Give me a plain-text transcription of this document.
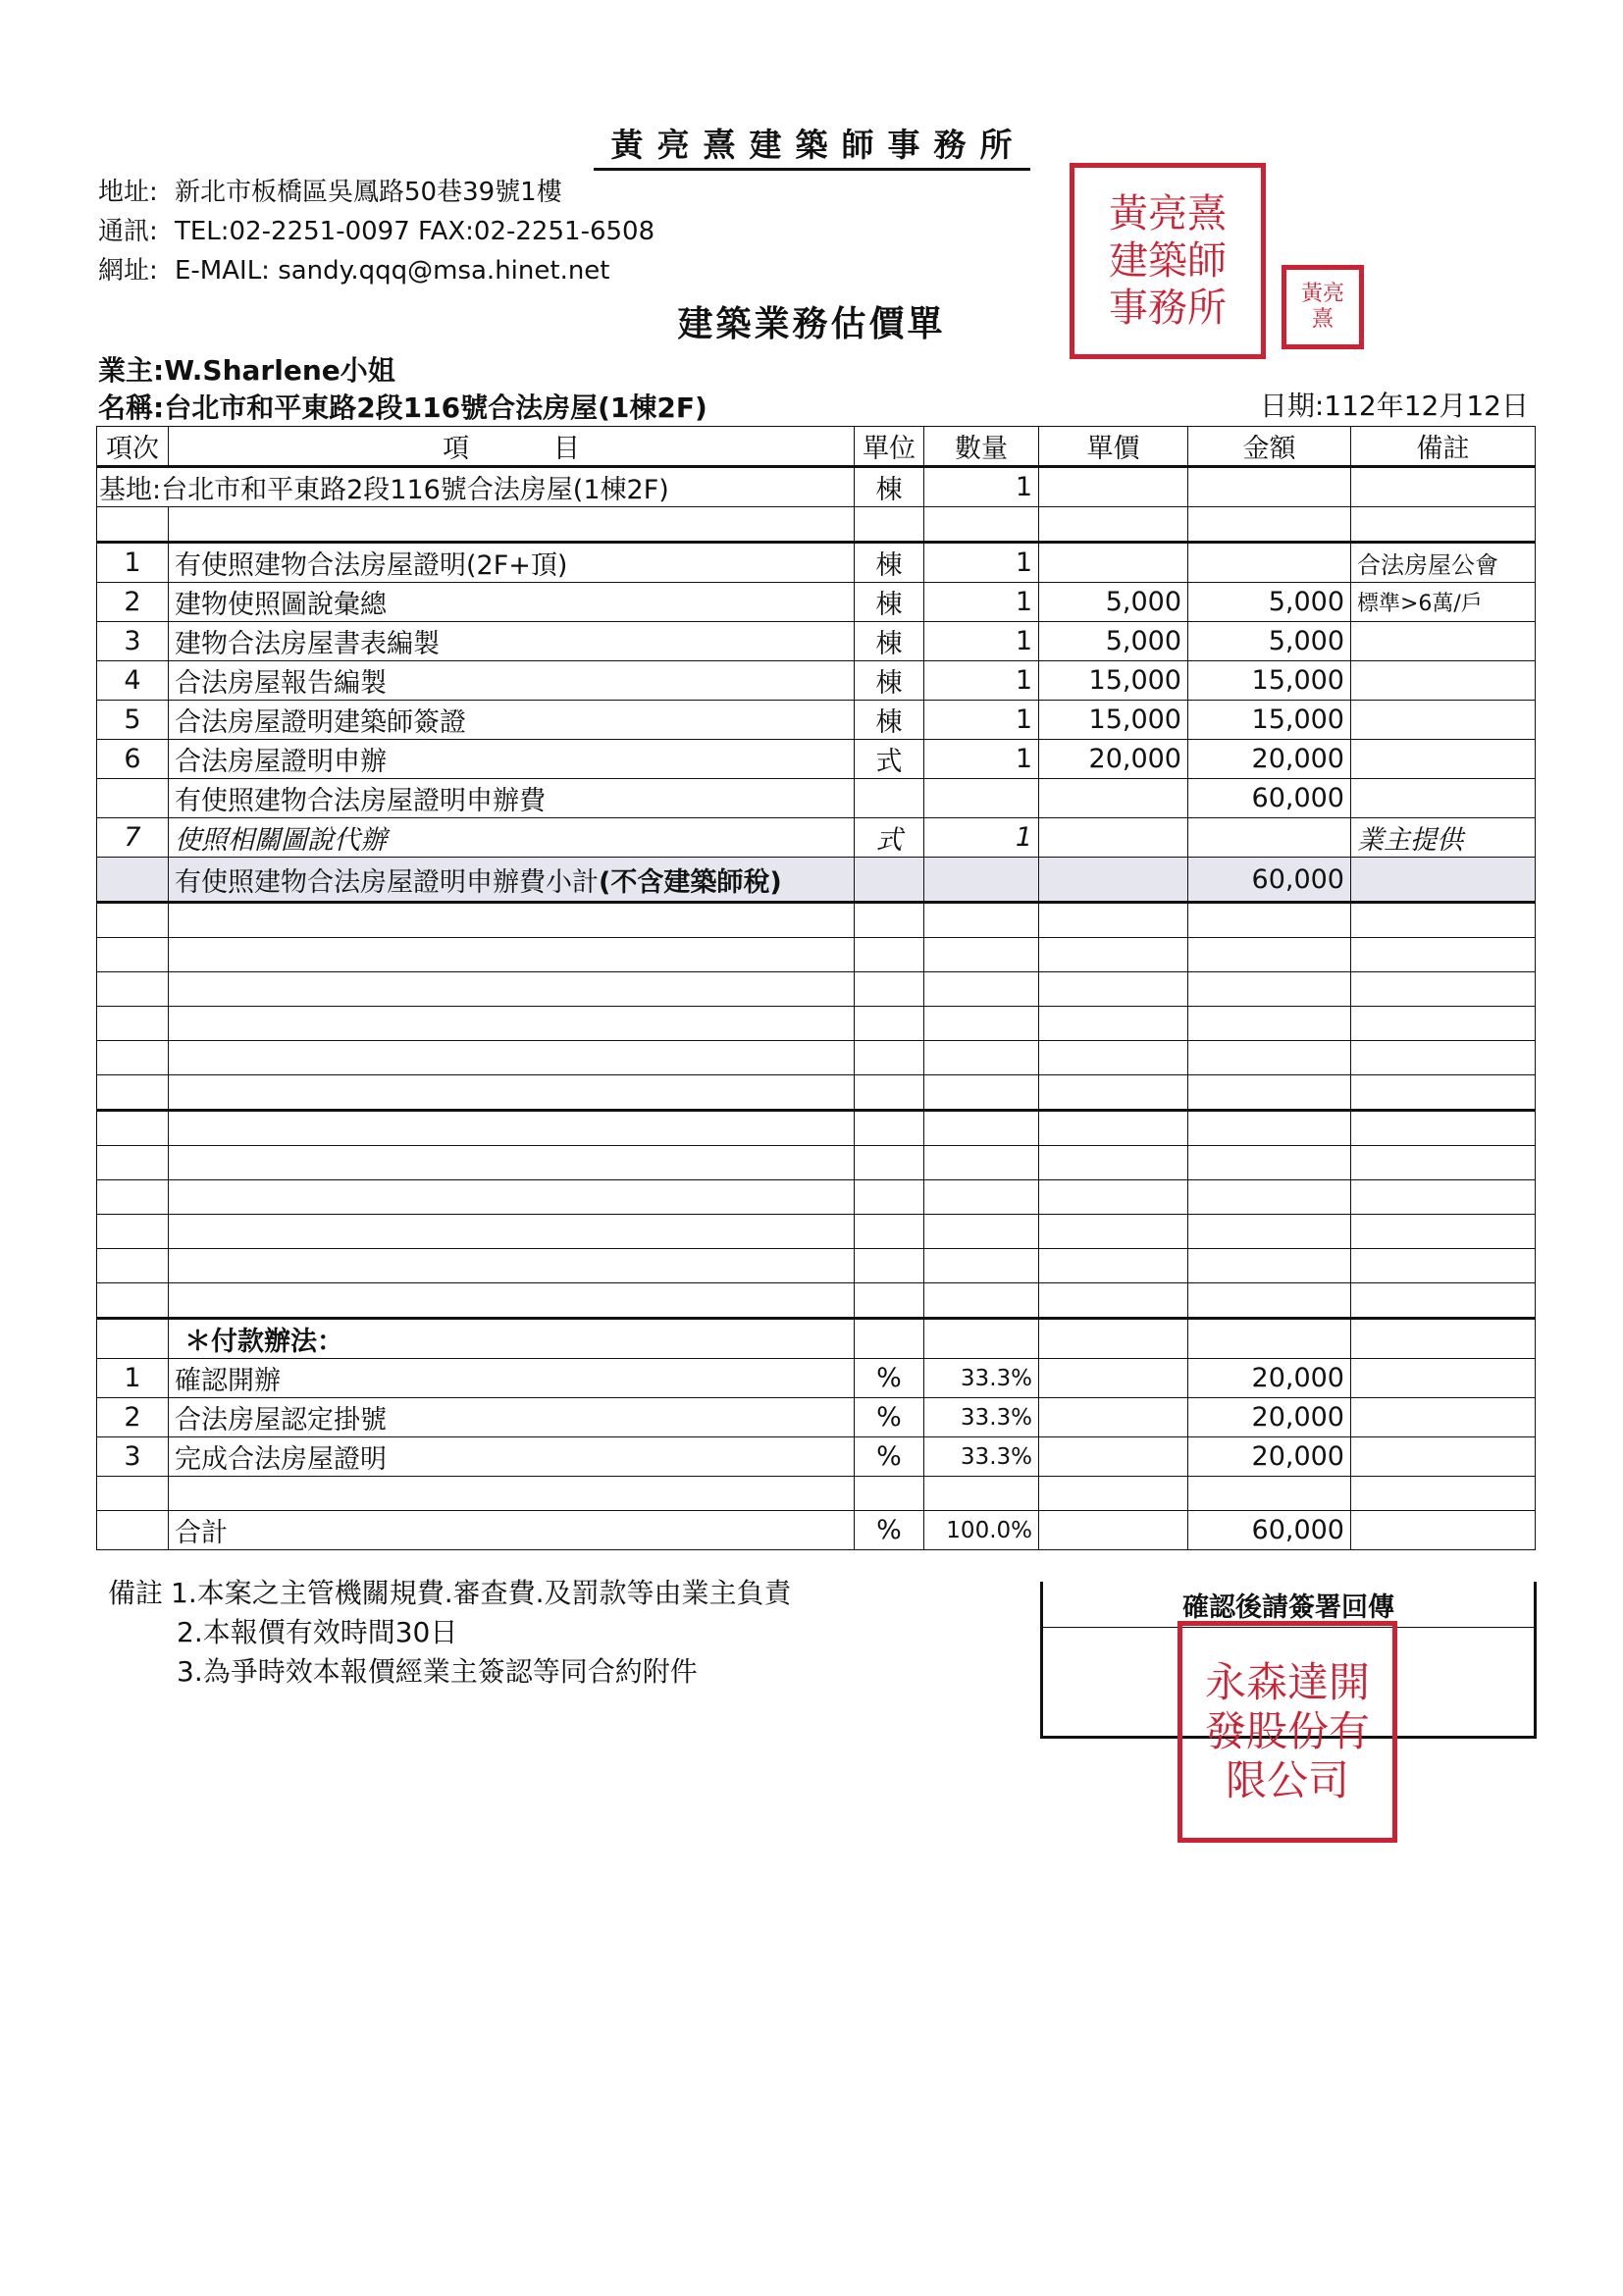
黃亮熹建築師事務所
地址: 新北市板橋區吳鳳路50巷39號1樓
通訊: TEL:02-2251-0097 FAX:02-2251-6508
網址: E-MAIL: sandy.qqq@msa.hinet.net
黃亮熹建築師事務所	黃亮熹
建築業務估價單
業主:W.Sharlene小姐
名稱:台北市和平東路2段116號合法房屋(1棟2F)	日期:112年12月12日
項次	項          目	單位	數量	單價	金額	備註
基地:台北市和平東路2段116號合法房屋(1棟2F)		棟	1			

1	有使照建物合法房屋證明(2F+頂)	棟	1			合法房屋公會
2	建物使照圖說彙總	棟	1	5,000	5,000	標準>6萬/戶
3	建物合法房屋書表編製	棟	1	5,000	5,000	
4	合法房屋報告編製	棟	1	15,000	15,000	
5	合法房屋證明建築師簽證	棟	1	15,000	15,000	
6	合法房屋證明申辦	式	1	20,000	20,000	
	有使照建物合法房屋證明申辦費				60,000	
7	使照相關圖說代辦	式	1			業主提供
	有使照建物合法房屋證明申辦費小計(不含建築師稅)				60,000	

	＊付款辦法：					
1	確認開辦	%	33.3%		20,000	
2	合法房屋認定掛號	%	33.3%		20,000	
3	完成合法房屋證明	%	33.3%		20,000	

	合計	%	100.0%		60,000	
備註 1.本案之主管機關規費.審查費.及罰款等由業主負責
2.本報價有效時間30日
3.為爭時效本報價經業主簽認等同合約附件
確認後請簽署回傳
永森達開發股份有限公司
